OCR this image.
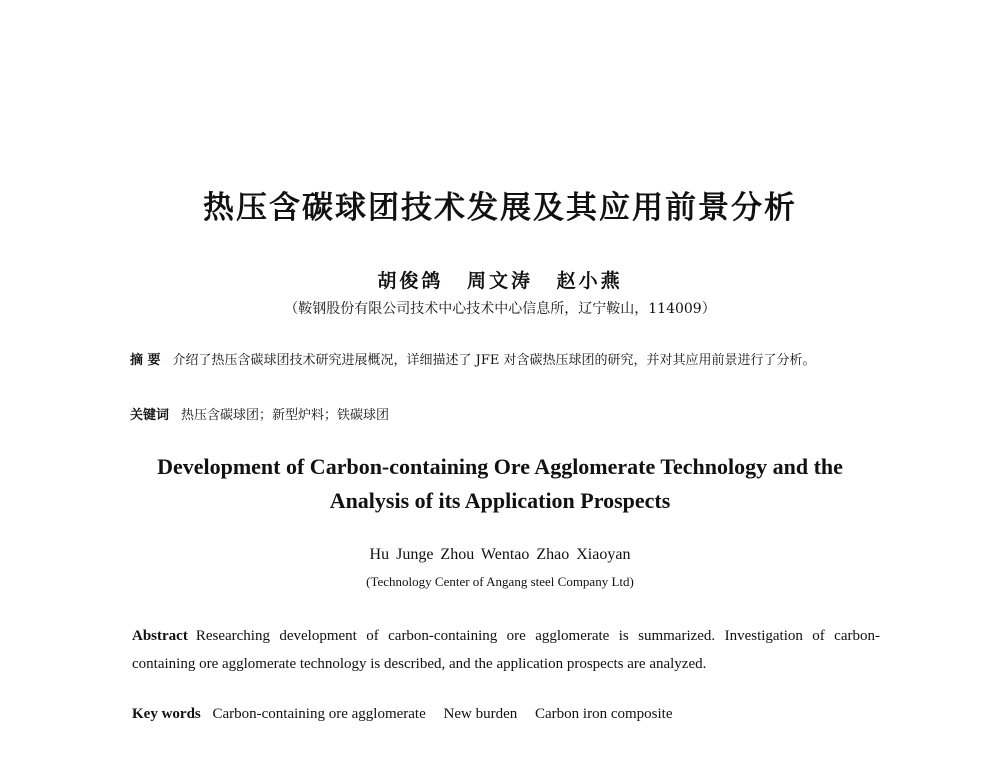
热压含碳球团技术发展及其应用前景分析
胡俊鸽 周文涛 赵小燕
（鞍钢股份有限公司技术中心技术中心信息所，辽宁鞍山，114009）
摘 要 介绍了热压含碳球团技术研究进展概况，详细描述了 JFE 对含碳热压球团的研究，并对其应用前景进行了分析。
关键词 热压含碳球团；新型炉料；铁碳球团
Development of Carbon-containing Ore Agglomerate Technology and the Analysis of its Application Prospects
Hu Junge Zhou Wentao Zhao Xiaoyan
(Technology Center of Angang steel Company Ltd)
Abstract Researching development of carbon-containing ore agglomerate is summarized. Investigation of carbon-containing ore agglomerate technology is described, and the application prospects are analyzed.
Key words Carbon-containing ore agglomerate New burden Carbon iron composite
